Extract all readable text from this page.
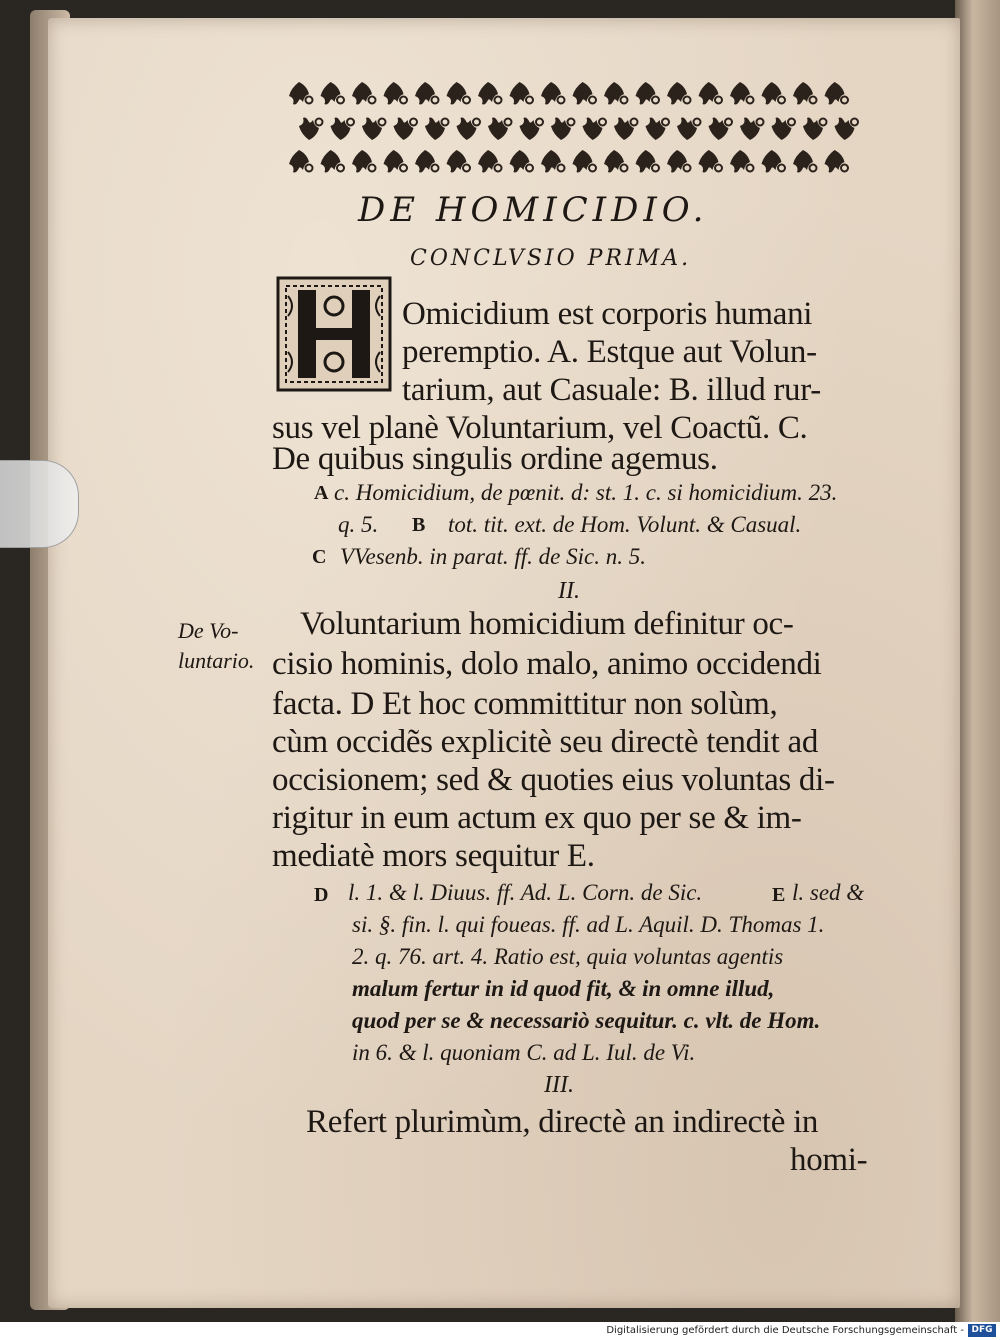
DE HOMICIDIO.
CONCLVSIO PRIMA.
Omicidium est corporis humani
peremptio. A. Estque aut Volun-
tarium, aut Casuale: B. illud rur-
sus vel planè Voluntarium, vel Coactũ. C.
De quibus singulis ordine agemus.
A c. Homicidium, de pœnit. d: st. 1. c. si homicidium. 23.
q. 5. B tot. tit. ext. de Hom. Volunt. & Casual.
C VVesenb. in parat. ff. de Sic. n. 5.
II.
De Vo-
luntario.
Voluntarium homicidium definitur oc-
cisio hominis, dolo malo, animo occidendi
facta. D Et hoc committitur non solùm,
cùm occidẽs explicitè seu directè tendit ad
occisionem; sed & quoties eius voluntas di-
rigitur in eum actum ex quo per se & im-
mediatè mors sequitur E.
D l. 1. & l. Diuus. ff. Ad. L. Corn. de Sic.	E l. sed &
si. §. fin. l. qui foueas. ff. ad L. Aquil. D. Thomas 1.
2. q. 76. art. 4. Ratio est, quia voluntas agentis
malum fertur in id quod fit, & in omne illud,
quod per se & necessariò sequitur. c. vlt. de Hom.
in 6. & l. quoniam C. ad L. Iul. de Vi.
III.
Refert plurimùm, directè an indirectè in
homi-
Digitalisierung gefördert durch die Deutsche Forschungsgemeinschaft - DFG
